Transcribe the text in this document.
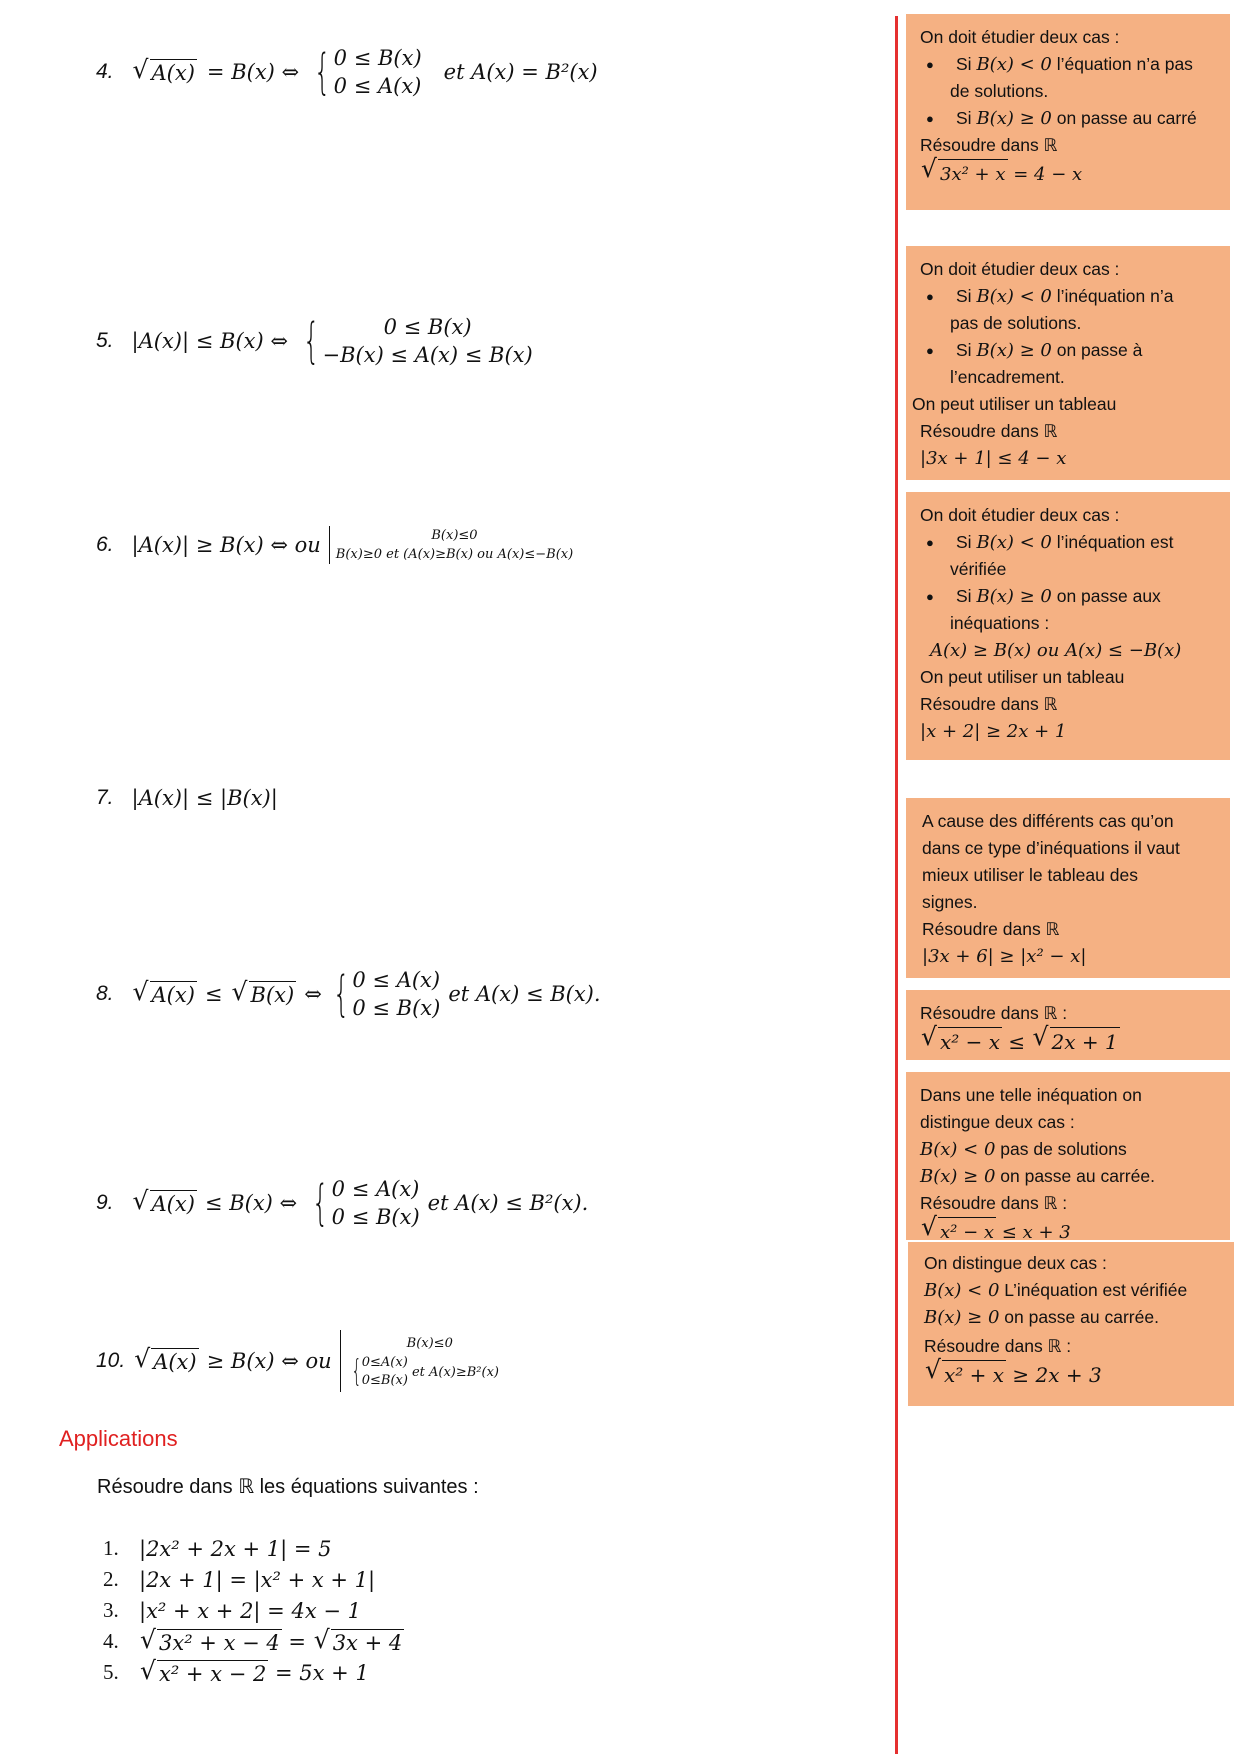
4.	√ A(x) = B(x) ⇔ { 0 ≤ B(x)
0 ≤ A(x)
et A(x) = B²(x)
5. |A(x)| ≤ B(x) ⇔ {	0 ≤ B(x)
−B(x) ≤ A(x) ≤ B(x)
6. |A(x)| ≥ B(x) ⇔ ou	B(x)≤0
B(x)≥0 et (A(x)≥B(x) ou A(x)≤−B(x)
7. |A(x)| ≤ |B(x)|
8.	√ A(x) ≤	√ B(x) ⇔ { 0 ≤ A(x)
0 ≤ B(x)
et A(x) ≤ B(x).
9.	√ A(x) ≤ B(x) ⇔ { 0 ≤ A(x)
0 ≤ B(x)
et A(x) ≤ B²(x).
10.	√ A(x) ≥ B(x) ⇔ ou
B(x)≤0
{ 0≤A(x)
0≤B(x)
et A(x)≥B²(x)
Applications
Résoudre dans ℝ les équations suivantes :
1. |2x² + 2x + 1| = 5
2. |2x + 1| = |x² + x + 1|
3. |x² + x + 2| = 4x − 1
4.	√ 3x² + x − 4 = √ 3x + 4
5.	√ x² + x − 2 = 5x + 1
On doit étudier deux cas :
●	Si B(x) < 0 l’équation n’a pas
de solutions.
●	Si B(x) ≥ 0 on passe au carré
Résoudre dans ℝ
√ 3x² + x = 4 − x
On doit étudier deux cas :
●	Si B(x) < 0 l’inéquation n’a
pas de solutions.
●	Si B(x) ≥ 0 on passe à
l’encadrement.
On peut utiliser un tableau
Résoudre dans ℝ
|3x + 1| ≤ 4 − x
On doit étudier deux cas :
●	Si B(x) < 0 l’inéquation est
vérifiée
●	Si B(x) ≥ 0 on passe aux
inéquations :
A(x) ≥ B(x) ou A(x) ≤ −B(x)
On peut utiliser un tableau
Résoudre dans ℝ
|x + 2| ≥ 2x + 1
A cause des différents cas qu’on
dans ce type d’inéquations il vaut
mieux utiliser le tableau des
signes.
Résoudre dans ℝ
|3x + 6| ≥ |x² − x|
Résoudre dans ℝ :
√ x² − x ≤ √ 2x + 1
Dans une telle inéquation on
distingue deux cas :
B(x) < 0 pas de solutions
B(x) ≥ 0 on passe au carrée.
Résoudre dans ℝ :
√ x² − x ≤ x + 3
On distingue deux cas :
B(x) < 0 L’inéquation est vérifiée
B(x) ≥ 0 on passe au carrée.
Résoudre dans ℝ :
√ x² + x ≥ 2x + 3
